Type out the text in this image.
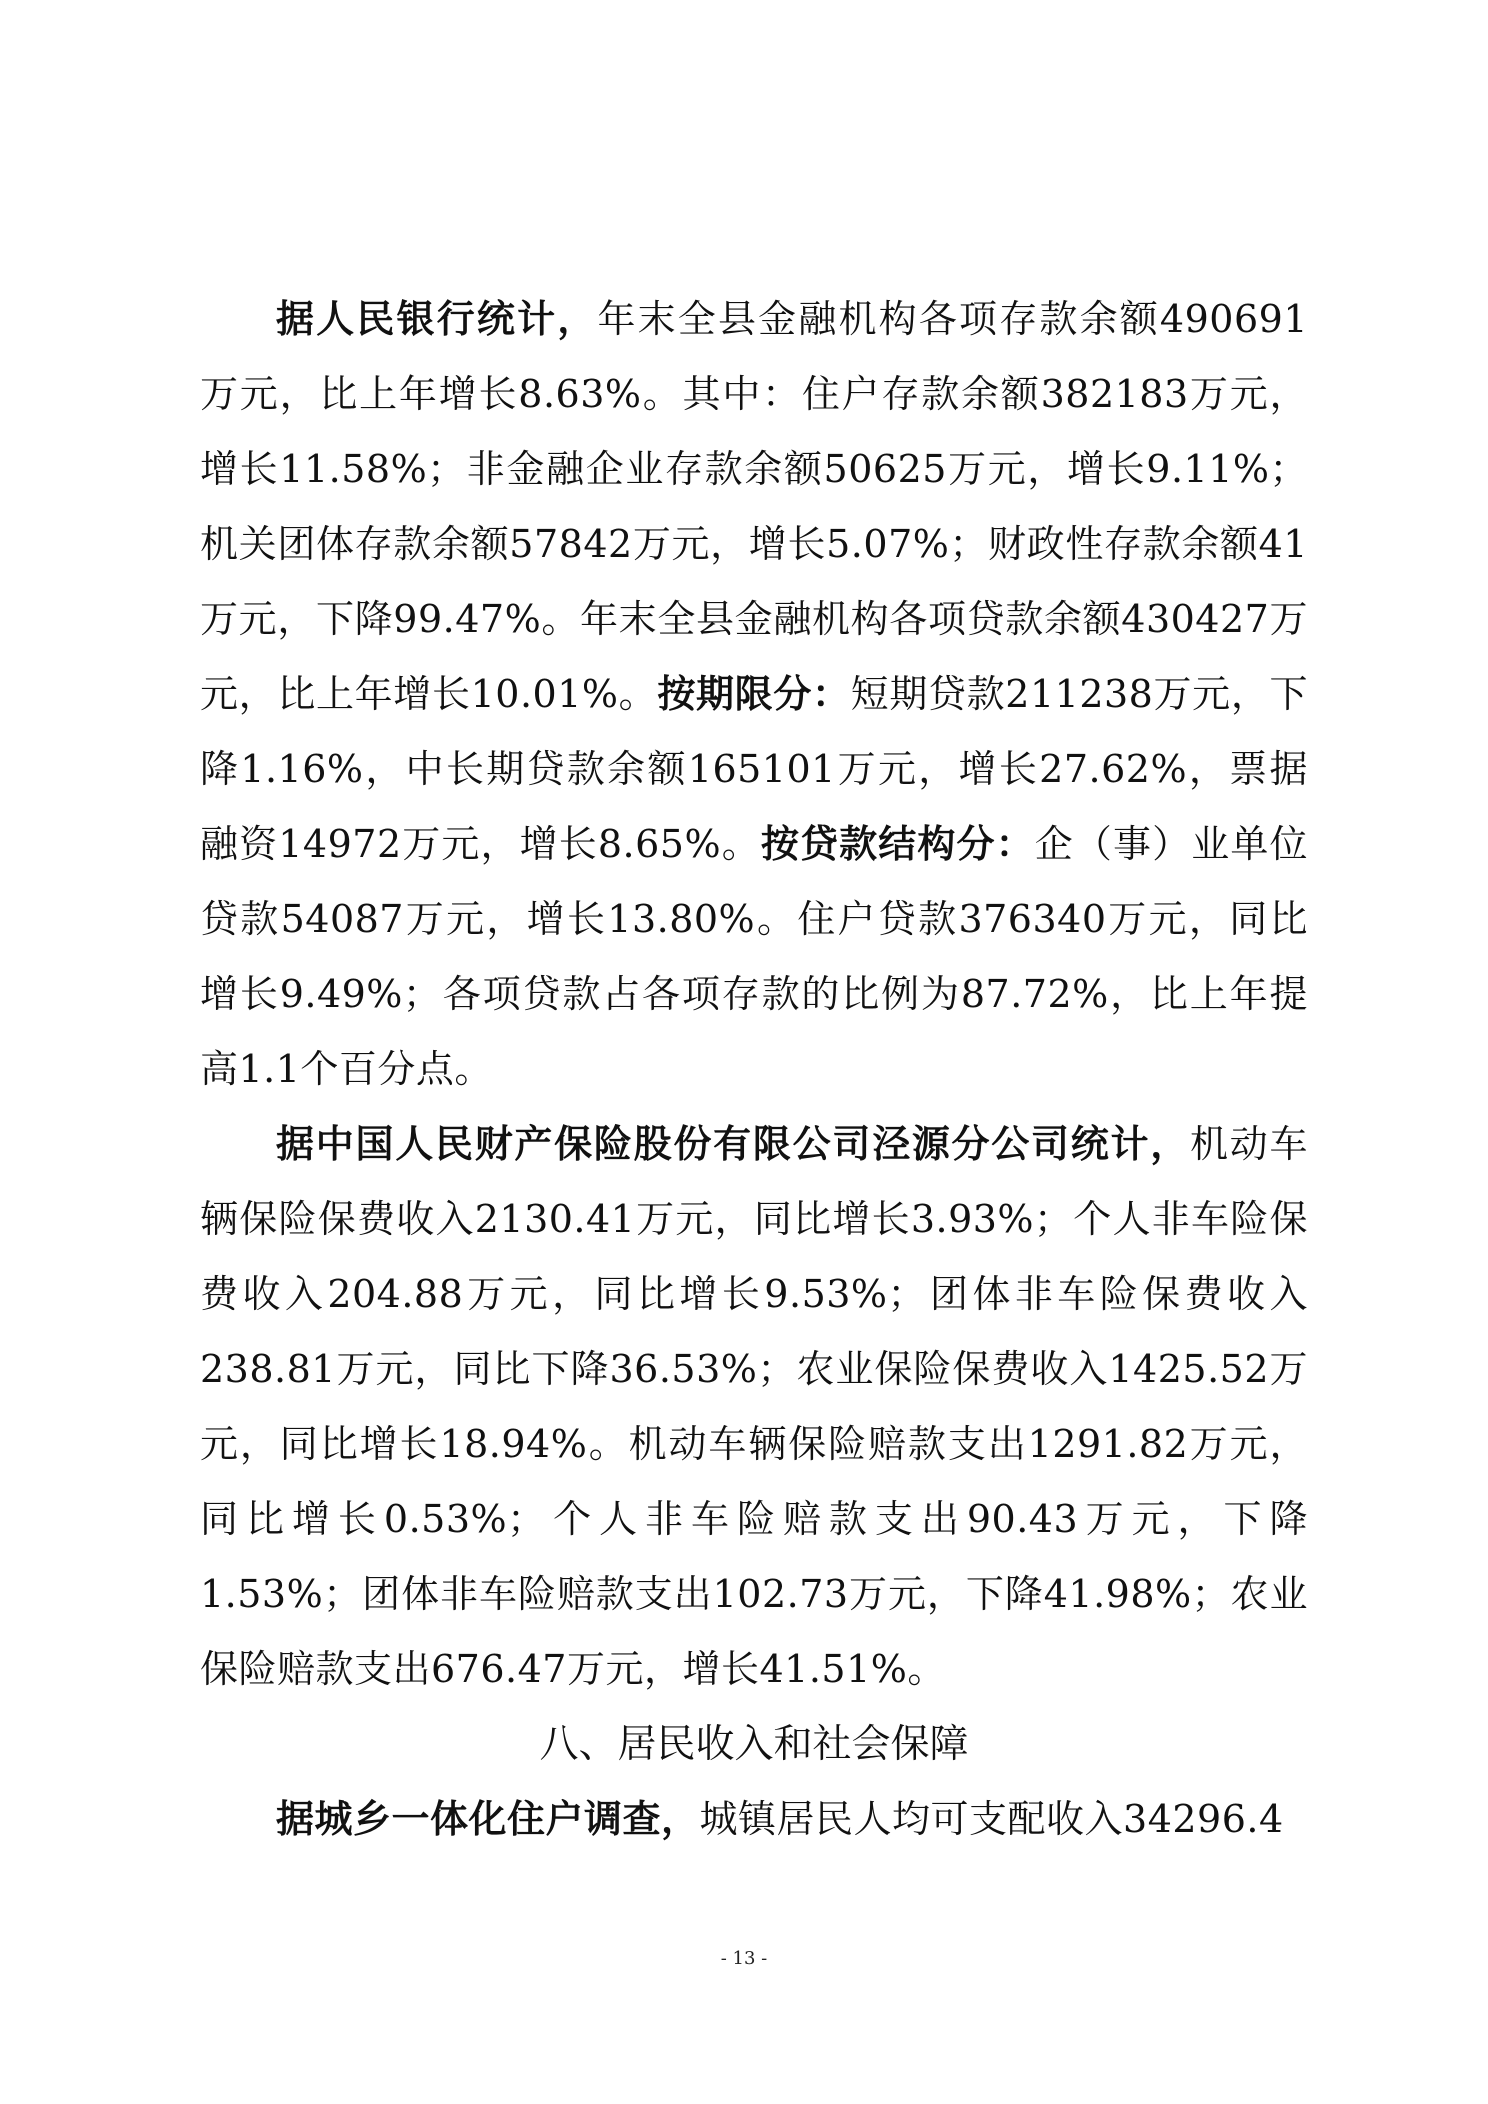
据人民银行统计，年末全县金融机构各项存款余额490691万元，比上年增长8.63%。其中：住户存款余额382183万元，增长11.58%；非金融企业存款余额50625万元，增长9.11%；机关团体存款余额57842万元，增长5.07%；财政性存款余额41万元，下降99.47%。年末全县金融机构各项贷款余额430427万元，比上年增长10.01%。按期限分：短期贷款211238万元，下降1.16%，中长期贷款余额165101万元，增长27.62%，票据融资14972万元，增长8.65%。按贷款结构分：企（事）业单位贷款54087万元，增长13.80%。住户贷款376340万元，同比增长9.49%；各项贷款占各项存款的比例为87.72%，比上年提高1.1个百分点。

据中国人民财产保险股份有限公司泾源分公司统计，机动车辆保险保费收入2130.41万元，同比增长3.93%；个人非车险保费收入204.88万元，同比增长9.53%；团体非车险保费收入238.81万元，同比下降36.53%；农业保险保费收入1425.52万元，同比增长18.94%。机动车辆保险赔款支出1291.82万元，同比增长0.53%；个人非车险赔款支出90.43万元，下降1.53%；团体非车险赔款支出102.73万元，下降41.98%；农业保险赔款支出676.47万元，增长41.51%。

八、居民收入和社会保障

据城乡一体化住户调查，城镇居民人均可支配收入34296.4

- 13 -
